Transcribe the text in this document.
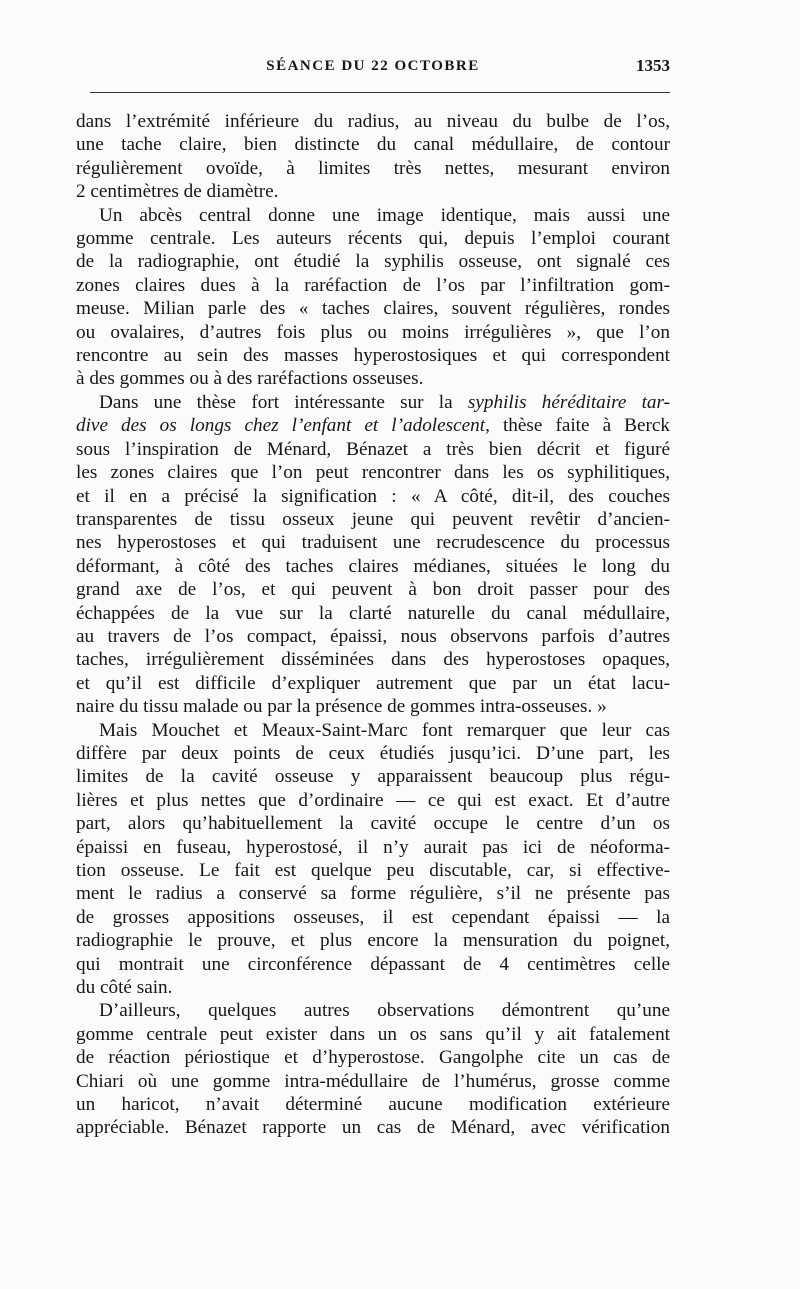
SÉANCE DU 22 OCTOBRE	1353

dans l’extrémité inférieure du radius, au niveau du bulbe de l’os,

une tache claire, bien distincte du canal médullaire, de contour

régulièrement ovoïde, à limites très nettes, mesurant environ

2 centimètres de diamètre.

Un abcès central donne une image identique, mais aussi une

gomme centrale. Les auteurs récents qui, depuis l’emploi courant

de la radiographie, ont étudié la syphilis osseuse, ont signalé ces

zones claires dues à la raréfaction de l’os par l’infiltration gom-

meuse. Milian parle des « taches claires, souvent régulières, rondes

ou ovalaires, d’autres fois plus ou moins irrégulières », que l’on

rencontre au sein des masses hyperostosiques et qui correspondent

à des gommes ou à des raréfactions osseuses.

Dans une thèse fort intéressante sur la syphilis héréditaire tar-

dive des os longs chez l’enfant et l’adolescent, thèse faite à Berck

sous l’inspiration de Ménard, Bénazet a très bien décrit et figuré

les zones claires que l’on peut rencontrer dans les os syphilitiques,

et il en a précisé la signification : « A côté, dit-il, des couches

transparentes de tissu osseux jeune qui peuvent revêtir d’ancien-

nes hyperostoses et qui traduisent une recrudescence du processus

déformant, à côté des taches claires médianes, situées le long du

grand axe de l’os, et qui peuvent à bon droit passer pour des

échappées de la vue sur la clarté naturelle du canal médullaire,

au travers de l’os compact, épaissi, nous observons parfois d’autres

taches, irrégulièrement disséminées dans des hyperostoses opaques,

et qu’il est difficile d’expliquer autrement que par un état lacu-

naire du tissu malade ou par la présence de gommes intra-osseuses. »

Mais Mouchet et Meaux-Saint-Marc font remarquer que leur cas

diffère par deux points de ceux étudiés jusqu’ici. D’une part, les

limites de la cavité osseuse y apparaissent beaucoup plus régu-

lières et plus nettes que d’ordinaire — ce qui est exact. Et d’autre

part, alors qu’habituellement la cavité occupe le centre d’un os

épaissi en fuseau, hyperostosé, il n’y aurait pas ici de néoforma-

tion osseuse. Le fait est quelque peu discutable, car, si effective-

ment le radius a conservé sa forme régulière, s’il ne présente pas

de grosses appositions osseuses, il est cependant épaissi — la

radiographie le prouve, et plus encore la mensuration du poignet,

qui montrait une circonférence dépassant de 4 centimètres celle

du côté sain.

D’ailleurs, quelques autres observations démontrent qu’une

gomme centrale peut exister dans un os sans qu’il y ait fatalement

de réaction périostique et d’hyperostose. Gangolphe cite un cas de

Chiari où une gomme intra-médullaire de l’humérus, grosse comme

un haricot, n’avait déterminé aucune modification extérieure

appréciable. Bénazet rapporte un cas de Ménard, avec vérification
